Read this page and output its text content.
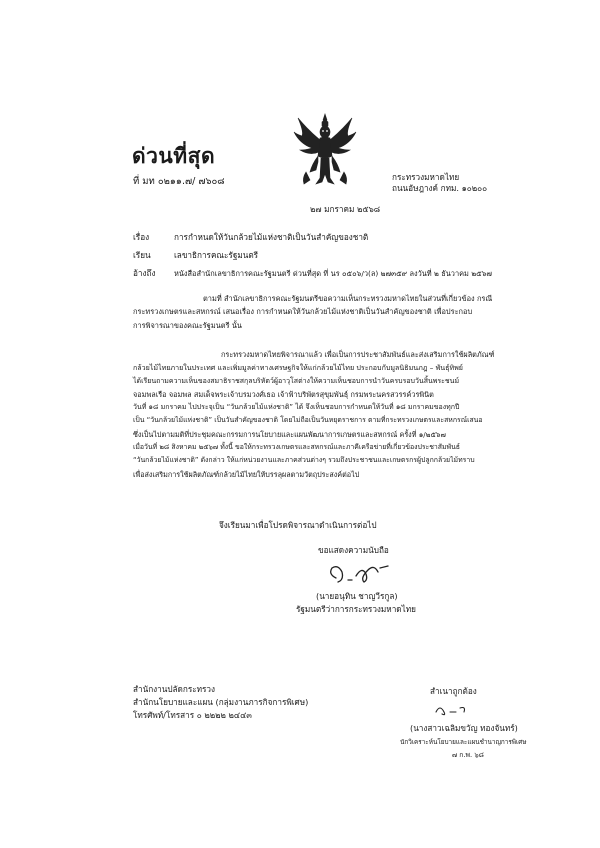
ด่วนที่สุด
ที่ มท ๐๒๑๑.๗/ ๗๖๐๘	กระทรวงมหาดไทย
ถนนอัษฎางค์ กทม. ๑๐๒๐๐
๒๗ มกราคม ๒๕๖๘
เรื่อง	การกำหนดให้วันกล้วยไม้แห่งชาติเป็นวันสำคัญของชาติ
เรียน	เลขาธิการคณะรัฐมนตรี
อ้างถึง	หนังสือสำนักเลขาธิการคณะรัฐมนตรี ด่วนที่สุด ที่ นร ๐๕๐๖/ว(ล) ๒๗๓๕๙ ลงวันที่ ๒ ธันวาคม ๒๕๖๗
ตามที่ สำนักเลขาธิการคณะรัฐมนตรีขอความเห็นกระทรวงมหาดไทยในส่วนที่เกี่ยวข้อง กรณี
กระทรวงเกษตรและสหกรณ์ เสนอเรื่อง การกำหนดให้วันกล้วยไม้แห่งชาติเป็นวันสำคัญของชาติ เพื่อประกอบ
การพิจารณาของคณะรัฐมนตรี นั้น
กระทรวงมหาดไทยพิจารณาแล้ว เพื่อเป็นการประชาสัมพันธ์และส่งเสริมการใช้ผลิตภัณฑ์
กล้วยไม้ไทยภายในประเทศ และเพิ่มมูลค่าทางเศรษฐกิจให้แก่กล้วยไม้ไทย ประกอบกับมูลนิธิมนภฎ – พันธุ์ทิพย์
ได้เรียนถามความเห็นของสมาธิราชสกุลบริหัตว์ผู้อาวุโสต่างให้ความเห็นชอบการนำวันครบรอบวันสิ้นพระชนม์
จอมพลเรือ จอมพล สมเด็จพระเจ้าบรมวงศ์เธอ เจ้าฟ้าบริพัตรสุขุมพันธุ์ กรมพระนครสวรรค์วรพินิต
วันที่ ๑๘ มกราคม ไปประจุเป็น “วันกล้วยไม้แห่งชาติ” ได้ จึงเห็นชอบการกำหนดให้วันที่ ๑๘ มกราคมของทุกปี
เป็น “วันกล้วยไม้แห่งชาติ” เป็นวันสำคัญของชาติ โดยไม่ถือเป็นวันหยุดราชการ ตามที่กระทรวงเกษตรและสหกรณ์เสนอ
ซึ่งเป็นไปตามมติที่ประชุมคณะกรรมการนโยบายและแผนพัฒนาการเกษตรและสหกรณ์ ครั้งที่ ๑/๒๕๖๗
เมื่อวันที่ ๒๘ สิงหาคม ๒๕๖๗ ทั้งนี้ ขอให้กระทรวงเกษตรและสหกรณ์และภาคีเครือข่ายที่เกี่ยวข้องประชาสัมพันธ์
“วันกล้วยไม้แห่งชาติ” ดังกล่าว ให้แก่หน่วยงานและภาคส่วนต่างๆ รวมถึงประชาชนและเกษตรกรผู้ปลูกกล้วยไม้ทราบ
เพื่อส่งเสริมการใช้ผลิตภัณฑ์กล้วยไม้ไทยให้บรรลุผลตามวัตถุประสงค์ต่อไป
จึงเรียนมาเพื่อโปรดพิจารณาดำเนินการต่อไป
ขอแสดงความนับถือ
(นายอนุทิน ชาญวีรกูล)
รัฐมนตรีว่าการกระทรวงมหาดไทย
สำนักงานปลัดกระทรวง
สำนักนโยบายและแผน (กลุ่มงานภารกิจการพิเศษ)
โทรศัพท์/โทรสาร ๐ ๒๒๒๒ ๒๔๔๓
สำเนาถูกต้อง
(นางสาวเฉลิมขวัญ ทองจันทร์)
นักวิเคราะห์นโยบายและแผนชำนาญการพิเศษ
๗ ก.พ. ๖๘
